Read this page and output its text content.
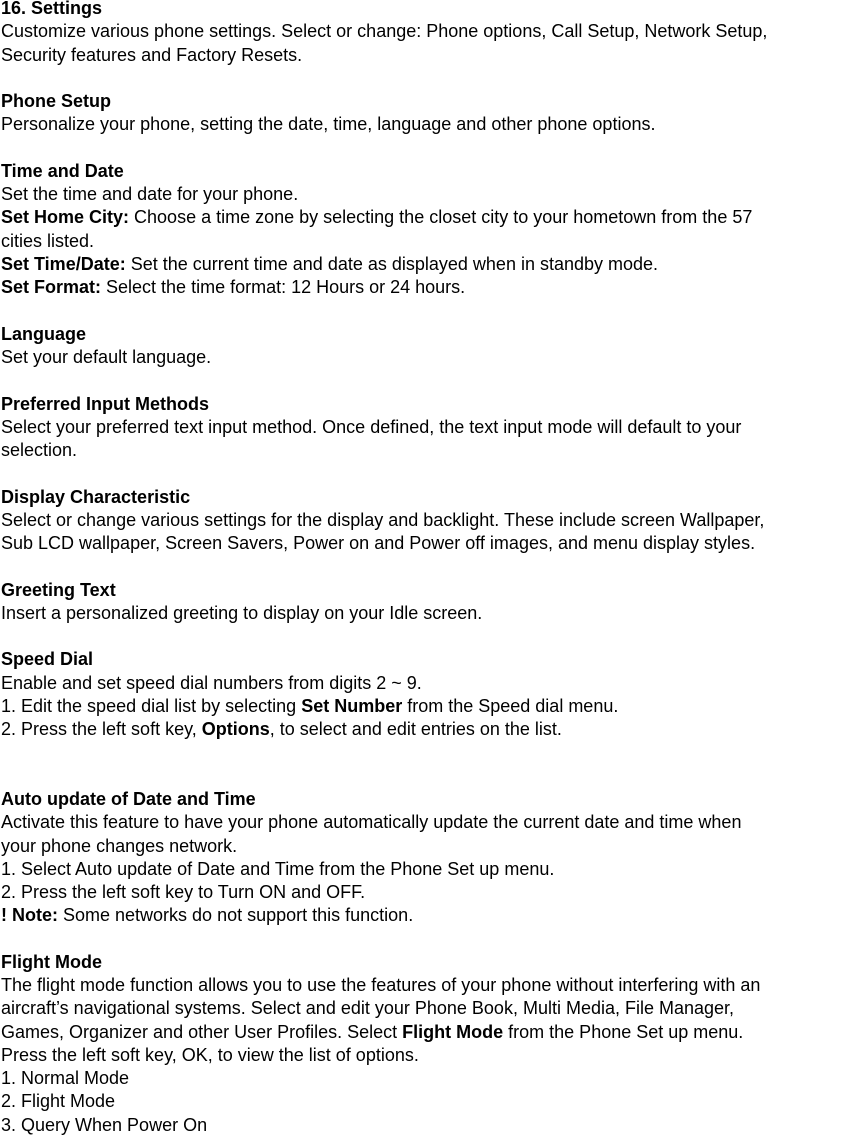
16. Settings
Customize various phone settings. Select or change: Phone options, Call Setup, Network Setup,
Security features and Factory Resets.
Phone Setup
Personalize your phone, setting the date, time, language and other phone options.
Time and Date
Set the time and date for your phone.
Set Home City: Choose a time zone by selecting the closet city to your hometown from the 57
cities listed.
Set Time/Date: Set the current time and date as displayed when in standby mode.
Set Format: Select the time format: 12 Hours or 24 hours.
Language
Set your default language.
Preferred Input Methods
Select your preferred text input method. Once defined, the text input mode will default to your
selection.
Display Characteristic
Select or change various settings for the display and backlight. These include screen Wallpaper,
Sub LCD wallpaper, Screen Savers, Power on and Power off images, and menu display styles.
Greeting Text
Insert a personalized greeting to display on your Idle screen.
Speed Dial
Enable and set speed dial numbers from digits 2 ~ 9.
1. Edit the speed dial list by selecting Set Number from the Speed dial menu.
2. Press the left soft key, Options, to select and edit entries on the list.
Auto update of Date and Time
Activate this feature to have your phone automatically update the current date and time when
your phone changes network.
1. Select Auto update of Date and Time from the Phone Set up menu.
2. Press the left soft key to Turn ON and OFF.
! Note: Some networks do not support this function.
Flight Mode
The flight mode function allows you to use the features of your phone without interfering with an
aircraft’s navigational systems. Select and edit your Phone Book, Multi Media, File Manager,
Games, Organizer and other User Profiles. Select Flight Mode from the Phone Set up menu.
Press the left soft key, OK, to view the list of options.
1. Normal Mode
2. Flight Mode
3. Query When Power On
